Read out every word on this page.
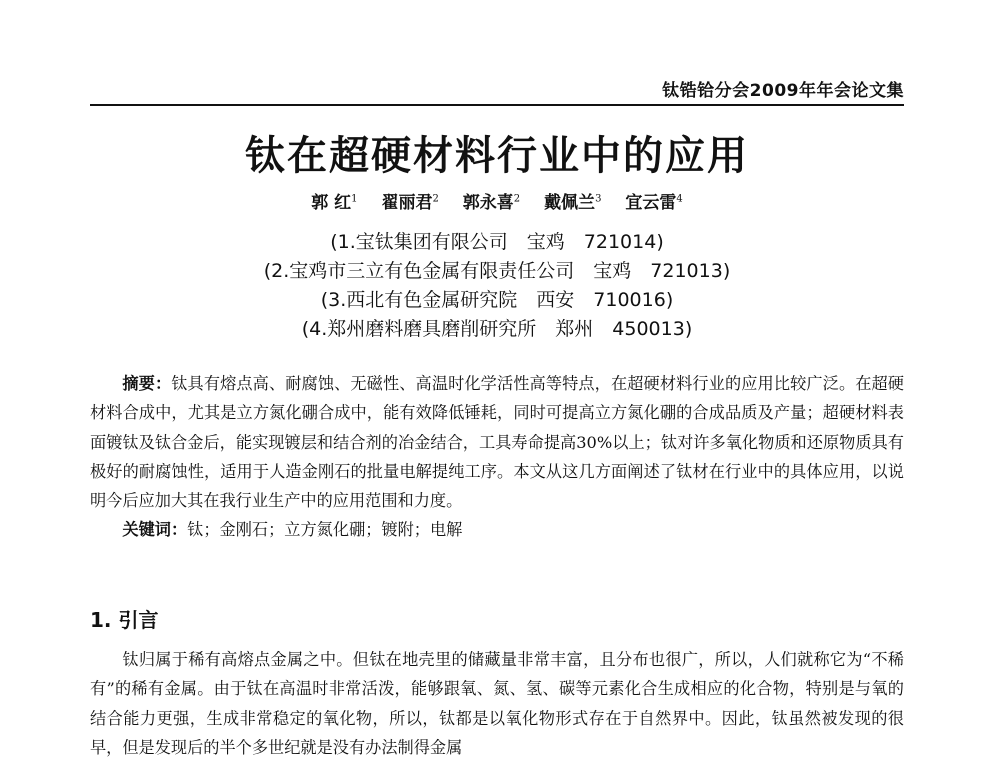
钛锆铪分会2009年年会论文集
钛在超硬材料行业中的应用
郭 红$^1$ 翟丽君$^2$ 郭永喜$^2$ 戴佩兰$^3$ 宜云雷$^4$
(1.宝钛集团有限公司　宝鸡　721014)
(2.宝鸡市三立有色金属有限责任公司　宝鸡　721013)
(3.西北有色金属研究院　西安　710016)
(4.郑州磨料磨具磨削研究所　郑州　450013)

摘要：钛具有熔点高、耐腐蚀、无磁性、高温时化学活性高等特点，在超硬材料行业的应用比较广泛。在超硬材料合成中，尤其是立方氮化硼合成中，能有效降低锤耗，同时可提高立方氮化硼的合成品质及产量；超硬材料表面镀钛及钛合金后，能实现镀层和结合剂的冶金结合，工具寿命提高30%以上；钛对许多氧化物质和还原物质具有极好的耐腐蚀性，适用于人造金刚石的批量电解提纯工序。本文从这几方面阐述了钛材在行业中的具体应用，以说明今后应加大其在我行业生产中的应用范围和力度。

关键词：钛；金刚石；立方氮化硼；镀附；电解

1. 引言

钛归属于稀有高熔点金属之中。但钛在地壳里的储藏量非常丰富，且分布也很广，所以，人们就称它为“不稀有”的稀有金属。由于钛在高温时非常活泼，能够跟氧、氮、氢、碳等元素化合生成相应的化合物，特别是与氧的结合能力更强，生成非常稳定的氧化物，所以，钛都是以氧化物形式存在于自然界中。因此，钛虽然被发现的很早，但是发现后的半个多世纪就是没有办法制得金属
